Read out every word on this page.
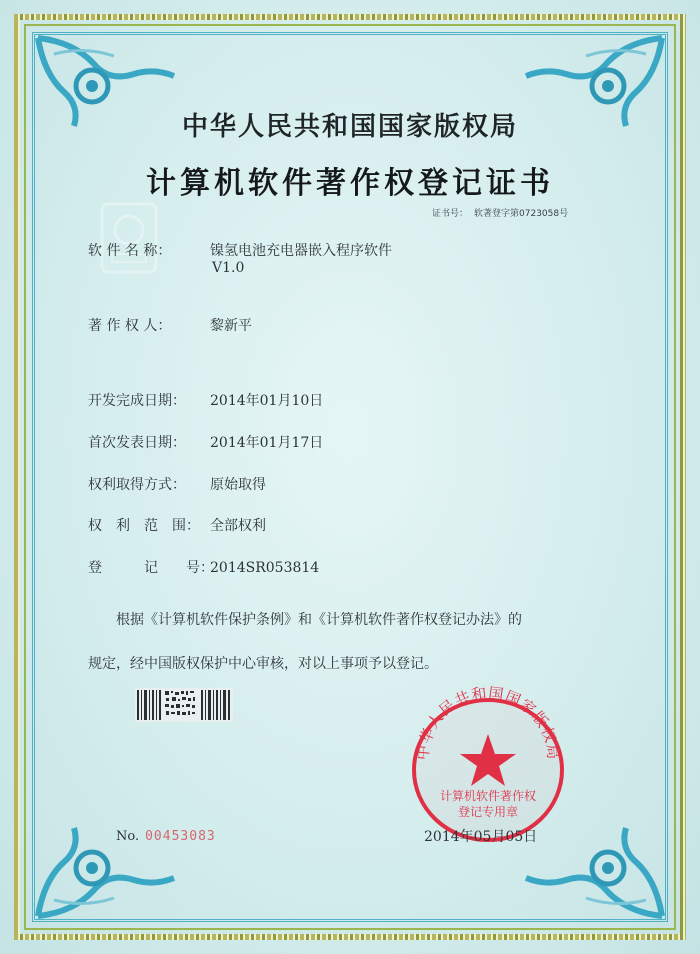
中华人民共和国国家版权局
计算机软件著作权登记证书
证书号： 软著登字第0723058号
软 件 名 称：	镍氢电池充电器嵌入程序软件
V1.0
著 作 权 人：	黎新平
开发完成日期： 2014年01月10日
首次发表日期： 2014年01月17日
权利取得方式： 原始取得
权　利　范　围： 全部权利
登　　　记　　号：2014SR053814
根据《计算机软件保护条例》和《计算机软件著作权登记办法》的
规定，经中国版权保护中心审核，对以上事项予以登记。
中华人民共和国国家版权局
计算机软件著作权
登记专用章
2014年05月05日
No. 00453083
